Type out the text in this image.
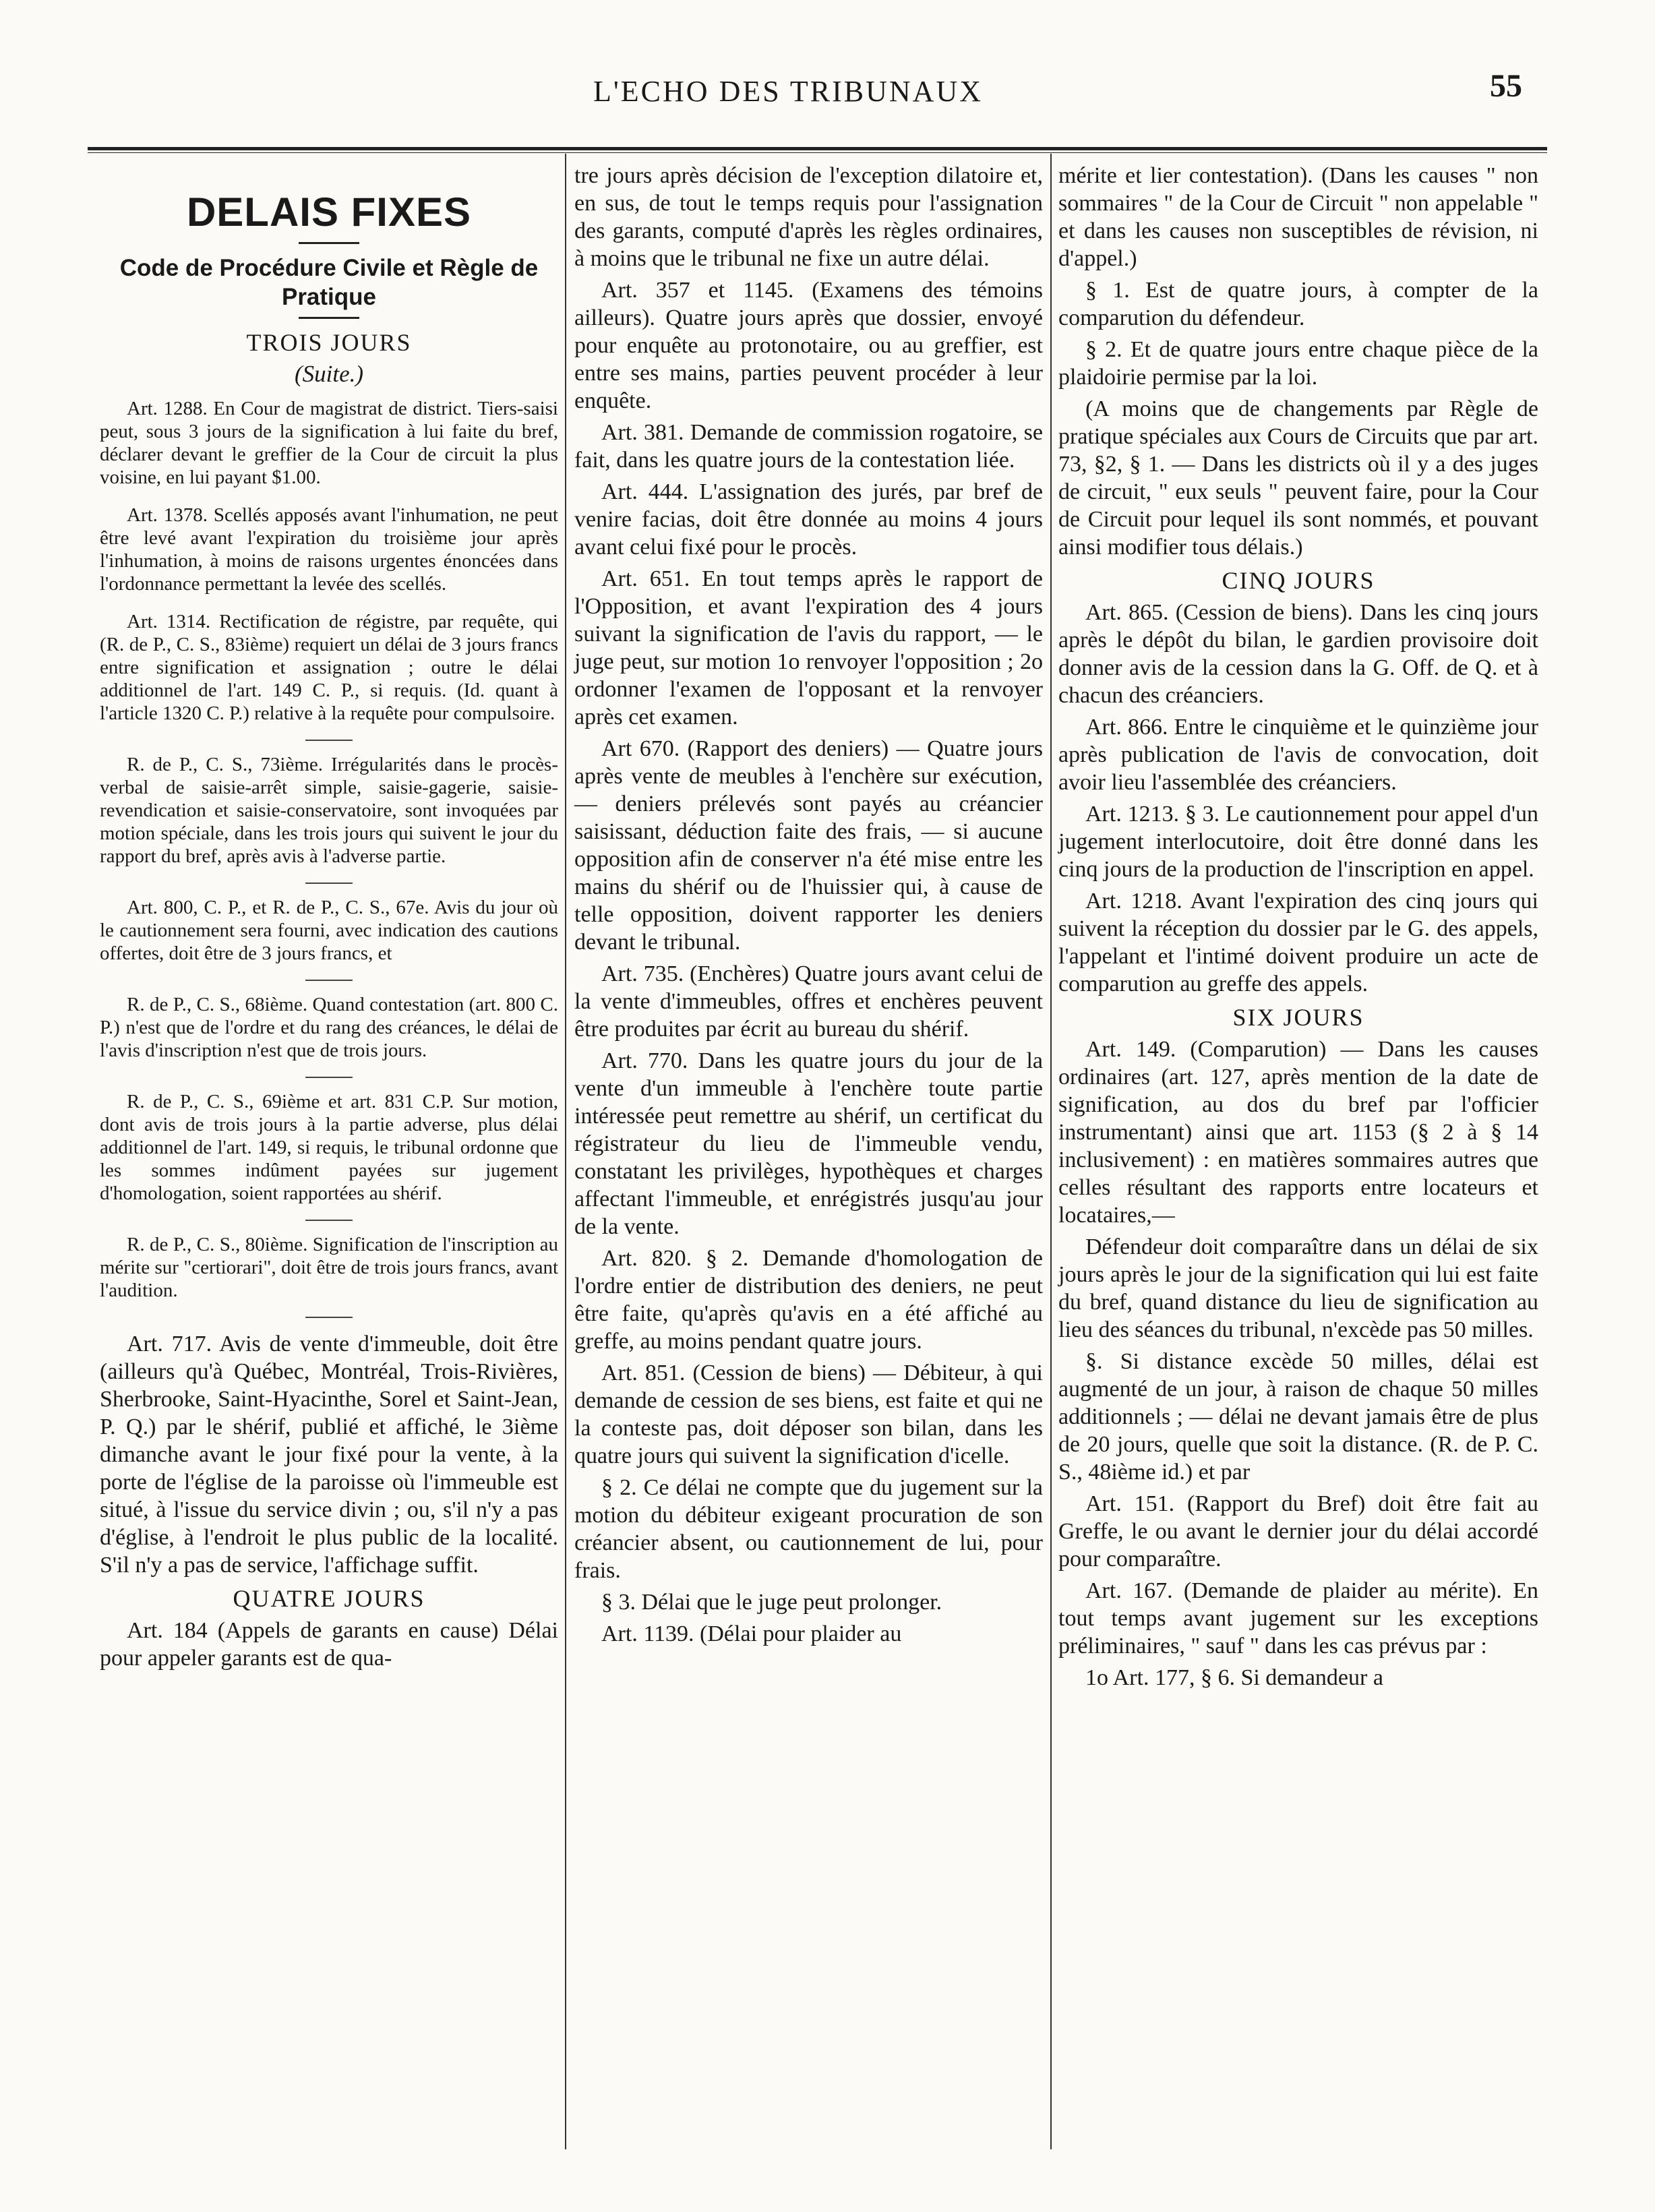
L'ECHO DES TRIBUNAUX	55
DELAIS FIXES
Code de Procédure Civile et Règle de Pratique
TROIS JOURS
(Suite.)

Art. 1288. En Cour de magistrat de district. Tiers-saisi peut, sous 3 jours de la signification à lui faite du bref, déclarer devant le greffier de la Cour de circuit la plus voisine, en lui payant $1.00.

Art. 1378. Scellés apposés avant l'inhumation, ne peut être levé avant l'expiration du troisième jour après l'inhumation, à moins de raisons urgentes énoncées dans l'ordonnance permettant la levée des scellés.

Art. 1314. Rectification de régistre, par requête, qui (R. de P., C. S., 83ième) requiert un délai de 3 jours francs entre signification et assignation ; outre le délai additionnel de l'art. 149 C. P., si requis. (Id. quant à l'article 1320 C. P.) relative à la requête pour compulsoire.

R. de P., C. S., 73ième. Irrégularités dans le procès-verbal de saisie-arrêt simple, saisie-gagerie, saisie-revendication et saisie-conservatoire, sont invoquées par motion spéciale, dans les trois jours qui suivent le jour du rapport du bref, après avis à l'adverse partie.

Art. 800, C. P., et R. de P., C. S., 67e. Avis du jour où le cautionnement sera fourni, avec indication des cautions offertes, doit être de 3 jours francs, et

R. de P., C. S., 68ième. Quand contestation (art. 800 C. P.) n'est que de l'ordre et du rang des créances, le délai de l'avis d'inscription n'est que de trois jours.

R. de P., C. S., 69ième et art. 831 C.P. Sur motion, dont avis de trois jours à la partie adverse, plus délai additionnel de l'art. 149, si requis, le tribunal ordonne que les sommes indûment payées sur jugement d'homologation, soient rapportées au shérif.

R. de P., C. S., 80ième. Signification de l'inscription au mérite sur "certiorari", doit être de trois jours francs, avant l'audition.

Art. 717. Avis de vente d'immeuble, doit être (ailleurs qu'à Québec, Montréal, Trois-Rivières, Sherbrooke, Saint-Hyacinthe, Sorel et Saint-Jean, P. Q.) par le shérif, publié et affiché, le 3ième dimanche avant le jour fixé pour la vente, à la porte de l'église de la paroisse où l'immeuble est situé, à l'issue du service divin ; ou, s'il n'y a pas d'église, à l'endroit le plus public de la localité. S'il n'y a pas de service, l'affichage suffit.

QUATRE JOURS

Art. 184 (Appels de garants en cause) Délai pour appeler garants est de qua-

tre jours après décision de l'exception dilatoire et, en sus, de tout le temps requis pour l'assignation des garants, computé d'après les règles ordinaires, à moins que le tribunal ne fixe un autre délai.

Art. 357 et 1145. (Examens des témoins ailleurs). Quatre jours après que dossier, envoyé pour enquête au protonotaire, ou au greffier, est entre ses mains, parties peuvent procéder à leur enquête.

Art. 381. Demande de commission rogatoire, se fait, dans les quatre jours de la contestation liée.

Art. 444. L'assignation des jurés, par bref de venire facias, doit être donnée au moins 4 jours avant celui fixé pour le procès.

Art. 651. En tout temps après le rapport de l'Opposition, et avant l'expiration des 4 jours suivant la signification de l'avis du rapport, — le juge peut, sur motion 1o renvoyer l'opposition ; 2o ordonner l'examen de l'opposant et la renvoyer après cet examen.

Art 670. (Rapport des deniers) — Quatre jours après vente de meubles à l'enchère sur exécution, — deniers prélevés sont payés au créancier saisissant, déduction faite des frais, — si aucune opposition afin de conserver n'a été mise entre les mains du shérif ou de l'huissier qui, à cause de telle opposition, doivent rapporter les deniers devant le tribunal.

Art. 735. (Enchères) Quatre jours avant celui de la vente d'immeubles, offres et enchères peuvent être produites par écrit au bureau du shérif.

Art. 770. Dans les quatre jours du jour de la vente d'un immeuble à l'enchère toute partie intéressée peut remettre au shérif, un certificat du régistrateur du lieu de l'immeuble vendu, constatant les privilèges, hypothèques et charges affectant l'immeuble, et enrégistrés jusqu'au jour de la vente.

Art. 820. § 2. Demande d'homologation de l'ordre entier de distribution des deniers, ne peut être faite, qu'après qu'avis en a été affiché au greffe, au moins pendant quatre jours.

Art. 851. (Cession de biens) — Débiteur, à qui demande de cession de ses biens, est faite et qui ne la conteste pas, doit déposer son bilan, dans les quatre jours qui suivent la signification d'icelle.

§ 2. Ce délai ne compte que du jugement sur la motion du débiteur exigeant procuration de son créancier absent, ou cautionnement de lui, pour frais.

§ 3. Délai que le juge peut prolonger.

Art. 1139. (Délai pour plaider au

mérite et lier contestation). (Dans les causes " non sommaires " de la Cour de Circuit " non appelable " et dans les causes non susceptibles de révision, ni d'appel.)

§ 1. Est de quatre jours, à compter de la comparution du défendeur.

§ 2. Et de quatre jours entre chaque pièce de la plaidoirie permise par la loi.

(A moins que de changements par Règle de pratique spéciales aux Cours de Circuits que par art. 73, §2, § 1. — Dans les districts où il y a des juges de circuit, " eux seuls " peuvent faire, pour la Cour de Circuit pour lequel ils sont nommés, et pouvant ainsi modifier tous délais.)

CINQ JOURS

Art. 865. (Cession de biens). Dans les cinq jours après le dépôt du bilan, le gardien provisoire doit donner avis de la cession dans la G. Off. de Q. et à chacun des créanciers.

Art. 866. Entre le cinquième et le quinzième jour après publication de l'avis de convocation, doit avoir lieu l'assemblée des créanciers.

Art. 1213. § 3. Le cautionnement pour appel d'un jugement interlocutoire, doit être donné dans les cinq jours de la production de l'inscription en appel.

Art. 1218. Avant l'expiration des cinq jours qui suivent la réception du dossier par le G. des appels, l'appelant et l'intimé doivent produire un acte de comparution au greffe des appels.

SIX JOURS

Art. 149. (Comparution) — Dans les causes ordinaires (art. 127, après mention de la date de signification, au dos du bref par l'officier instrumentant) ainsi que art. 1153 (§ 2 à § 14 inclusivement) : en matières sommaires autres que celles résultant des rapports entre locateurs et locataires,—

Défendeur doit comparaître dans un délai de six jours après le jour de la signification qui lui est faite du bref, quand distance du lieu de signification au lieu des séances du tribunal, n'excède pas 50 milles.

§. Si distance excède 50 milles, délai est augmenté de un jour, à raison de chaque 50 milles additionnels ; — délai ne devant jamais être de plus de 20 jours, quelle que soit la distance. (R. de P. C. S., 48ième id.) et par

Art. 151. (Rapport du Bref) doit être fait au Greffe, le ou avant le dernier jour du délai accordé pour comparaître.

Art. 167. (Demande de plaider au mérite). En tout temps avant jugement sur les exceptions préliminaires, " sauf " dans les cas prévus par :

1o Art. 177, § 6. Si demandeur a
